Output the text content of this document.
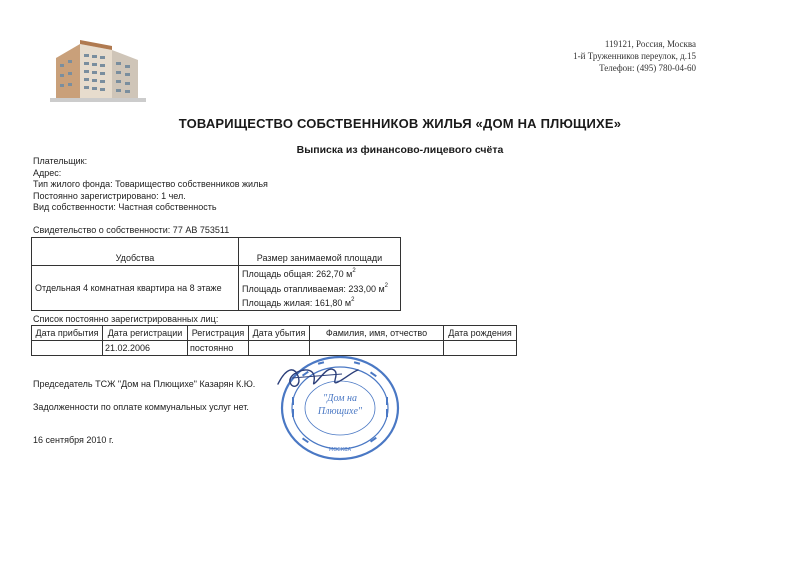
119121, Россия, Москва
1-й Труженников переулок, д.15
Телефон: (495) 780-04-60
ТОВАРИЩЕСТВО СОБСТВЕННИКОВ ЖИЛЬЯ «ДОМ НА ПЛЮЩИХЕ»
Выписка из финансово-лицевого счёта
Плательщик:
Адрес:
Тип жилого фонда: Товарищество собственников жилья
Постоянно зарегистрировано: 1 чел.
Вид собственности: Частная собственность
Свидетельство о собственности: 77 АВ 753511
Удобства	Размер занимаемой площади
Отдельная 4 комнатная квартира на 8 этаже	Площадь общая: 262,70 $м^2$
Площадь отапливаемая: 233,00 $м^2$
Площадь жилая: 161,80 $м^2$
Список постоянно зарегистрированных лиц:
Дата прибытия	Дата регистрации	Регистрация	Дата убытия	Фамилия, имя, отчество	Дата рождения
	21.02.2006	постоянно			
Председатель ТСЖ "Дом на Плющихе" Казарян К.Ю.
Задолженности по оплате коммунальных услуг нет.
16 сентября 2010 г.
МОСКВА
"Дом на
Плющихе"
